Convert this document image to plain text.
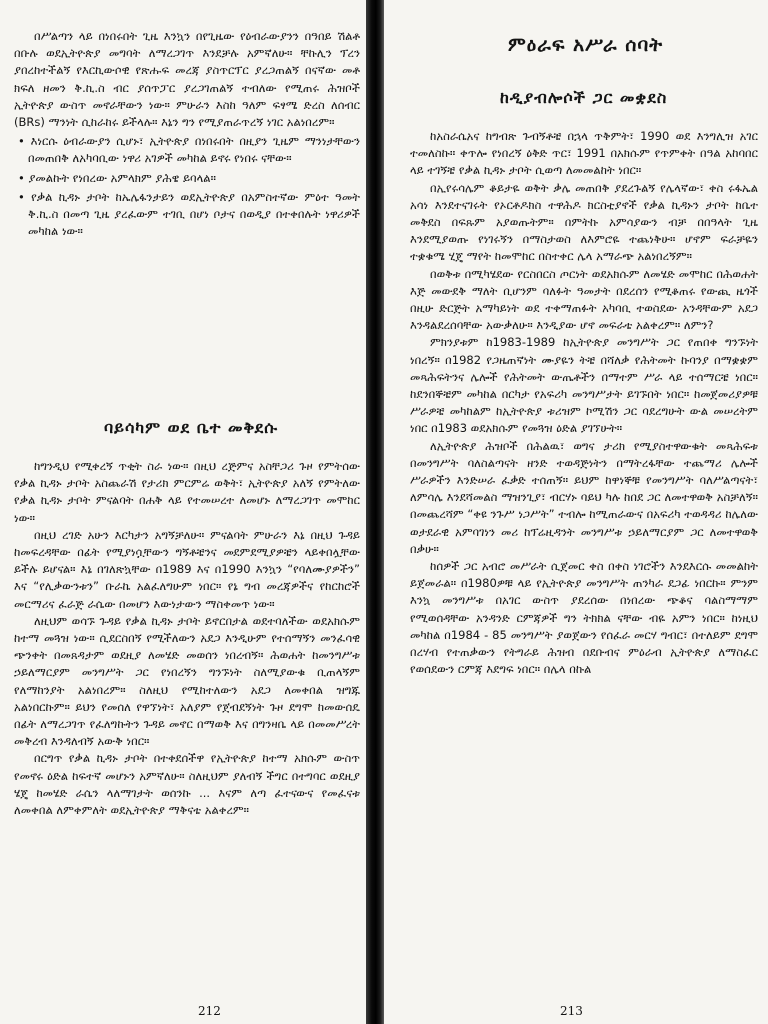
በሥልጣን ላይ በነበሩበት ጊዜ እንኳን በየጊዜው የዕብራውያንን በዓበይ ሽልቶ በቡሉ ወደኢትዮጵያ መግባት ለማረጋገጥ እንደቻሉ አምኛለሁ። ቸኩሊን ፕረን ያበረከተችልኝ የእርኪውሶዊ የጽሑፍ መረጃ ያስጥርፕር ያረጋጠልኝ በናኛው መቶ ክፍለ ዘመን ቅ.ኪ.ስ ብር ያሰጥፓር ያረጋገጠልኝ ተብለው የሚጠሩ ሕዝቦች ኢትዮጵያ ውስጥ መኖራቸውን ነው። ምሁራን እስከ ዓለም ፍፃሜ ድረስ ለሰብር (BRs) ማንነት ሲከራከሩ ይችላሉ። እኔን ግን የሚያጠራጥረኝ ነገር አልነበረም።
• እነርሱ ዕብራውያን ሲሆኑ፣ ኢትዮጵያ በነበሩበት በዚያን ጊዜም ማንነታቸውን በመጠበቅ ለአካባቢው ነዋሪ አገዎች መካከል ይኖሩ የነበሩ ናቸው።
• ያመልኩት የነበረው አምላክም ያሕዌ ይባላል።
• የቃል ኪዳኑ ታቦት ከኤሌፋንታይን ወደኢትዮጵያ በአምስተኛው ምዕተ ዓመት ቅ.ኪ.ስ በመጣ ጊዜ ያረፈውም ተገቢ በሆነ ቦታና በወዲያ በተቀበሉት ነዋሪዎች መካከል ነው።
ባይሳካም ወደ ቤተ መቅደሱ
ከግንዲህ የሚቀረኝ ጥቂት ስራ ነው። በዚህ ረጅምና አስቸጋሪ ጉዞ የምትሰው የቃል ኪዳኑ ታቦት አስጨራሽ የታሪክ ምርምሬ ወቅት፣ ኢትዮጵያ አለኝ የምትለው የቃል ኪዳኑ ታቦት ምናልባት በሐቅ ላይ የተመሠረተ ለመሆኑ ለማረጋገጥ መሞከር ነው።
በዚህ ረገድ አሁን እርካታን አግኝቻለሁ። ምናልባት ምሁራን እኔ በዚህ ጉዳይ ከመፍረዳቸው በፊት የሚያነሷቸውን ግኝቶቼንና መደምደሚያዎቼን ላይቀበሏቸው ይችሉ ይሆናል። እኔ በገለጽኳቸው በ1989 እና በ1990 እንኳን “የባለሙያዎችን” እና “የሊቃውንቱን” ቡራኬ አልፈለግሁም ነበር። የኔ ግብ መረጃዎችና የከርከሮች መርማሪና ፈራጅ ራሴው በመሆን እውነታውን ማስቀመጥ ነው።
ለዚህም ወሳኙ ጉዳይ የቃል ኪዳኑ ታቦት ይኖርበታል ወደተባለችው ወደአክሱም ከተማ መጓዝ ነው። ሲደርስበኝ የሚችለውን አደጋ እንዲሁም የተሰማኝን መንፈሳዊ ጭንቀት በመጸዳታም ወደዚያ ለመሄድ መወሰን ነበረብኝ። ሕወሐት ከመንግሥቱ ኃይለማርያም መንግሥት ጋር የነበረኝን ግንኙነት ስለሚያውቁ ቢጠላኝም የለማከንያት አልነበረም። ስለዚህ የሚከተለውን አደጋ ለመቀበል ዝግጁ አልነበርኩም። ይህን የመሰለ የዋኘነት፣ አለያም የጀብደኝነት ጉዞ ደግሞ ከመውሰዴ በፊት ለማረጋገጥ የፈለግኩትን ጉዳይ መኖር በማወቅ እና በግንዛቤ ላይ በመመሥረት መቅረብ እንዳለብኝ አውቅ ነበር።
በርግጥ የቃል ኪዳኑ ታቦት በተቀደሰችዋ የኢትዮጵያ ከተማ አክሱም ውስጥ የመኖሩ ዕድል ከፍተኛ መሆኑን አምኛለሁ። ስለዚህም ያለብኝ ችግር በተግባር ወደዚያ ሄጄ ከመሄድ ራሴን ላለማገታት ወሰንኩ ... እናም ለጣ ፈተናውና የመፈናቱ ለመቀበል ለምቀምለት ወደኢትዮጵያ ማቅናቴ አልቀረም።
212
ምዕራፍ አሥራ ሰባት
ከዲያብሎሶች ጋር መቋደስ
ከአስራሴአና ከግብጽ ጉብኝቶቼ በኋላ ጥቅምት፣ 1990 ወደ እንግሊዝ አገር ተመለስኩ። ቀጥሎ የነበረኝ ዕቅድ ጥር፣ 1991 በአክሱም የጥምቀት በዓል አከባበር ላይ ተገኝቼ የቃል ኪዳኑ ታቦት ሲወጣ ለመመልከት ነበር።
በኢየሩሳሌም ቆይታዬ ወቅት ቃሌ መጠበቅ ያደረጉልኝ የሌላኛው፣ ቀስ ሩፋኤል አሳነ እንደተናገሩት የኦርቶዶክስ ተዋሕዶ ክርስቲያኖች የቃል ኪዳኑን ታቦት ከቤተ መቅደስ በፍጹም አያወጡትም። በምትኩ አምሳያውን ብቻ በበዓላት ጊዜ እንደሚያወጡ የነገሩኝን በማስታወስ ለእምሮዬ ተጨነቅሁ። ሆኖም ፍራቻዬን ተቋቁሜ ሂጄ ማየት ከመሞከር በስተቀር ሌላ አማራጭ አልነበረኝም።
በወቅቱ በሚካሄደው የርስበርስ ጦርነት ወደአክሱም ለመሄድ መሞከር በሕወሐት እጅ መውደቅ ማለት ቢሆንም ባለፉት ዓመታት በደረሰን የሚቆጠሩ የውጪ ዜጎች በዚሁ ድርጅት አማካይነት ወደ ተቀማጠፉት አካባቢ ተወስደው አንዳቸውም አደጋ እንዳልደረሰባቸው አውቃለሁ። እንዲያው ሆኖ መፍራቴ አልቀረም። ለምን?
ምክንያቱም ከ1983-1989 ከኢትዮጵያ መንግሥት ጋር የጠበቀ ግንኙነት ነበረኝ። በ1982 የጋዜጠኛነት ሙያዬን ትቼ በሻለቃ የሕትመት ኩባንያ በማቋቋም መጻሕፍትንና ሌሎች የሕትመት ውጤቶችን በማተም ሥራ ላይ ተሰማርቼ ነበር። ከደንበኞቼም መካከል በርካታ የአፍሪካ መንግሥታት ይገኙበት ነበር። ከመጀመሪያዎቹ ሥራዎቼ መካከልም ከኢትዮጵያ ቱሪዝም ኮሚሽን ጋር ባደረግሁት ውል መሠረትም ነበር በ1983 ወደአክሱም የመጓዝ ዕድል ያገኘሁት።
ለኢትዮጵያ ሕዝቦች በሕልዉ፣ ወግና ታሪክ የሚያስተዋውቁት መጻሕፍቱ በመንግሥት ባለስልጣናት ዘንድ ተወዳጅነትን በማትረፋቸው ተጨማሪ ሌሎች ሥራዎችን እንድሠራ ፈቃድ ተሰጠኝ። ይህም ከዋነኞቹ የመንግሥት ባለሥልጣናት፣ ለምሳሌ እንደሻመልስ ማዝንጊያ፣ ብርሃኑ ባይህ ካሉ ከበደ ጋር ለመተዋወቅ አስቻለኝ። በመጨረሻም “ቀዩ ንጉሥ ነጋሥት” ተብሎ ከሚጠራውና በአፍሪካ ተወዳዳሪ ከሌለው ወታደራዊ አምባገነን መሪ ከፕሬዚዳንት መንግሥቱ ኃይለማርያም ጋር ለመተዋወቅ በቃሁ።
ከሰዎች ጋር አብሮ መሥራት ሲጀመር ቀስ በቀስ ነገሮችን እንደእርሱ መመልከት ይጀመራል። በ1980ዎቹ ላይ የኢትዮጵያ መንግሥት ጠንካራ ደጋፊ ነበርኩ። ምንም እንኳ መንግሥቱ በአገር ውስጥ ያደረሰው በነበረው ጭቆና ባልስማማም የሚወሰዳቸው አንዳንድ ርምጃዎች ግን ትክክል ናቸው ብዬ አምን ነበር። ከነዚህ መካከል በ1984 - 85 መንግሥት ያወጀውን የሰፈራ መርሃ ግብር፣ በተለይም ደግሞ በረሃብ የተጠቃውን የትግራይ ሕዝብ በደቡብና ምዕራብ ኢትዮጵያ ለማስፈር የወሰደውን ርምጃ እደግፍ ነበር። በሌላ በኩል
213
